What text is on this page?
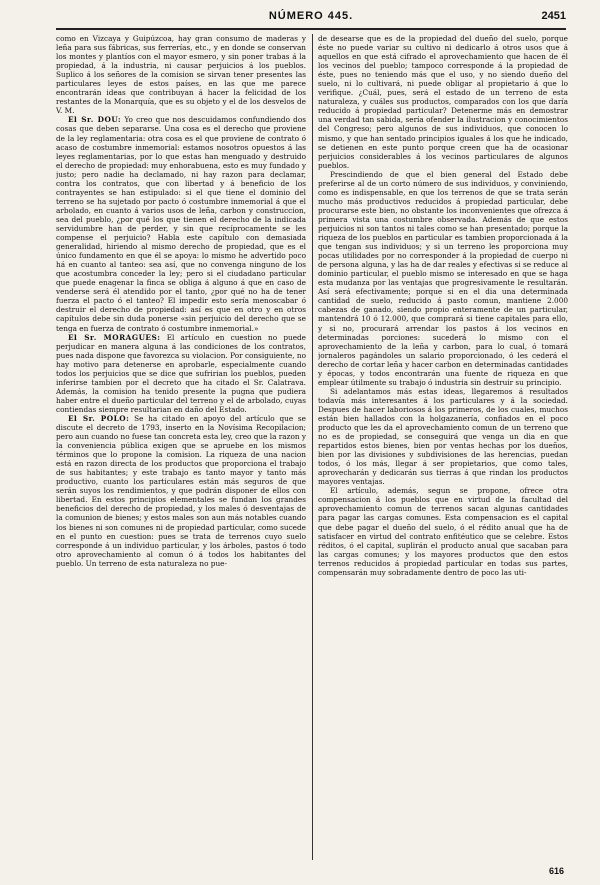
NÚMERO 445.	2451

como en Vizcaya y Guipúzcoa, hay gran consumo de maderas y leña para sus fábricas, sus ferrerías, etc., y en donde se conservan los montes y plantíos con el mayor esmero, y sin poner trabas á la propiedad, á la industria, ni causar perjuicios á los pueblos. Suplico á los señores de la comision se sirvan tener presentes las particulares leyes de estos países, en las que me parece encontrarán ideas que contribuyan á hacer la felicidad de los restantes de la Monarquía, que es su objeto y el de los desvelos de V. M.

El Sr. DOU: Yo creo que nos descuidamos confundiendo dos cosas que deben separarse. Una cosa es el derecho que proviene de la ley reglamentaria: otra cosa es el que proviene de contrato ó acaso de costumbre inmemorial: estamos nosotros opuestos á las leyes reglamentarias, por lo que estas han menguado y destruido el derecho de propiedad: muy enhorabuena, esto es muy fundado y justo; pero nadie ha declamado, ni hay razon para declamar, contra los contratos, que con libertad y á beneficio de los contrayentes se han estipulado: si el que tiene el dominio del terreno se ha sujetado por pacto ó costumbre inmemorial á que el arbolado, en cuanto á varios usos de leña, carbon y construccion, sea del pueblo, ¿por qué los que tienen el derecho de la indicada servidumbre han de perder, y sin que recíprocamente se les compense el perjuicio? Habla este capítulo con demasiada generalidad, hiriendo al mismo derecho de propiedad, que es el único fundamento en que él se apoya: lo mismo he advertido poco há en cuanto al tanteo: sea así, que no convenga ninguno de los que acostumbra conceder la ley; pero si el ciudadano particular que puede enagenar la finca se obliga á alguno á que en caso de venderse será él atendido por el tanto, ¿por qué no ha de tener fuerza el pacto ó el tanteo? El impedir esto sería menoscabar ó destruir el derecho de propiedad: así es que en otro y en otros capítulos debe sin duda ponerse «sin perjuicio del derecho que se tenga en fuerza de contrato ó costumbre inmemorial.»

El Sr. MORAGUES: El artículo en cuestion no puede perjudicar en manera alguna á las condiciones de los contratos, pues nada dispone que favorezca su violacion. Por consiguiente, no hay motivo para detenerse en aprobarle, especialmente cuando todos los perjuicios que se dice que sufririan los pueblos, pueden inferirse tambien por el decreto que ha citado el Sr. Calatrava. Además, la comision ha tenido presente la pugna que pudiera haber entre el dueño particular del terreno y el de arbolado, cuyas contiendas siempre resultarian en daño del Estado.

El Sr. POLO: Se ha citado en apoyo del artículo que se discute el decreto de 1793, inserto en la Novísima Recopilacion; pero aun cuando no fuese tan concreta esta ley, creo que la razon y la conveniencia pública exigen que se apruebe en los mismos términos que lo propone la comision. La riqueza de una nacion está en razon directa de los productos que proporciona el trabajo de sus habitantes; y este trabajo es tanto mayor y tanto más productivo, cuanto los particulares están más seguros de que serán suyos los rendimientos, y que podrán disponer de ellos con libertad. En estos principios elementales se fundan los grandes beneficios del derecho de propiedad, y los males ó desventajas de la comunion de bienes; y estos males son aun más notables cuando los bienes ni son comunes ni de propiedad particular, como sucede en el punto en cuestion: pues se trata de terrenos cuyo suelo corresponde á un individuo particular, y los árboles, pastos ó todo otro aprovechamiento al comun ó á todos los habitantes del pueblo. Un terreno de esta naturaleza no pue-

de desearse que es de la propiedad del dueño del suelo, porque éste no puede variar su cultivo ni dedicarlo á otros usos que á aquellos en que está cifrado el aprovechamiento que hacen de él los vecinos del pueblo; tampoco corresponde á la propiedad de éste, pues no teniendo más que el uso, y no siendo dueño del suelo, ni lo cultivará, ni puede obligar al propietario á que lo verifique. ¿Cuál, pues, será el estado de un terreno de esta naturaleza, y cuáles sus productos, comparados con los que daría reducido á propiedad particular? Detenerme más en demostrar una verdad tan sabida, sería ofender la ilustracion y conocimientos del Congreso; pero algunos de sus individuos, que conocen lo mismo, y que han sentado principios iguales á los que he indicado, se detienen en este punto porque creen que ha de ocasionar perjuicios considerables á los vecinos particulares de algunos pueblos.

Prescindiendo de que el bien general del Estado debe preferirse al de un corto número de sus individuos, y conviniendo, como es indispensable, en que los terrenos de que se trata serán mucho más productivos reducidos á propiedad particular, debe procurarse este bien, no obstante los inconvenientes que ofrezca á primera vista una costumbre observada. Además de que estos perjuicios ni son tantos ni tales como se han presentado; porque la riqueza de los pueblos en particular es tambien proporcionada á la que tengan sus individuos; y si un terreno les proporciona muy pocas utilidades por no corresponder á la propiedad de cuerpo ni de persona alguna, y las ha de dar reales y efectivas si se reduce al dominio particular, el pueblo mismo se interesado en que se haga esta mudanza por las ventajas que progresivamente le resultarán. Así será efectivamente; porque si en el dia una determinada cantidad de suelo, reducido á pasto comun, mantiene 2.000 cabezas de ganado, siendo propio enteramente de un particular, mantendrá 10 ó 12.000, que comprará si tiene capitales para ello, y si no, procurará arrendar los pastos á los vecinos en determinadas porciones: sucederá lo mismo con el aprovechamiento de la leña y carbon, para lo cual, ó tomará jornaleros pagándoles un salario proporcionado, ó les cederá el derecho de cortar leña y hacer carbon en determinadas cantidades y épocas, y todos encontrarán una fuente de riqueza en que emplear útilmente su trabajo ó industria sin destruir su principio.

Si adelantamos más estas ideas, llegaremos á resultados todavía más interesantes á los particulares y á la sociedad. Despues de hacer laboriosos á los primeros, de los cuales, muchos están bien hallados con la holgazanería, confiados en el poco producto que les da el aprovechamiento comun de un terreno que no es de propiedad, se conseguirá que venga un dia en que repartidos estos bienes, bien por ventas hechas por los dueños, bien por las divisiones y subdivisiones de las herencias, puedan todos, ó los más, llegar á ser propietarios, que como tales, aprovecharán y dedicarán sus tierras á que rindan los productos mayores ventajas.

El artículo, además, segun se propone, ofrece otra compensacion á los pueblos que en virtud de la facultad del aprovechamiento comun de terrenos sacan algunas cantidades para pagar las cargas comunes. Esta compensacion es el capital que debe pagar el dueño del suelo, ó el rédito anual que ha de satisfacer en virtud del contrato enfitéutico que se celebre. Estos réditos, ó el capital, suplirán el producto anual que sacaban para las cargas comunes; y los mayores productos que den estos terrenos reducidos á propiedad particular en todas sus partes, compensarán muy sobradamente dentro de poco las uti-

616
